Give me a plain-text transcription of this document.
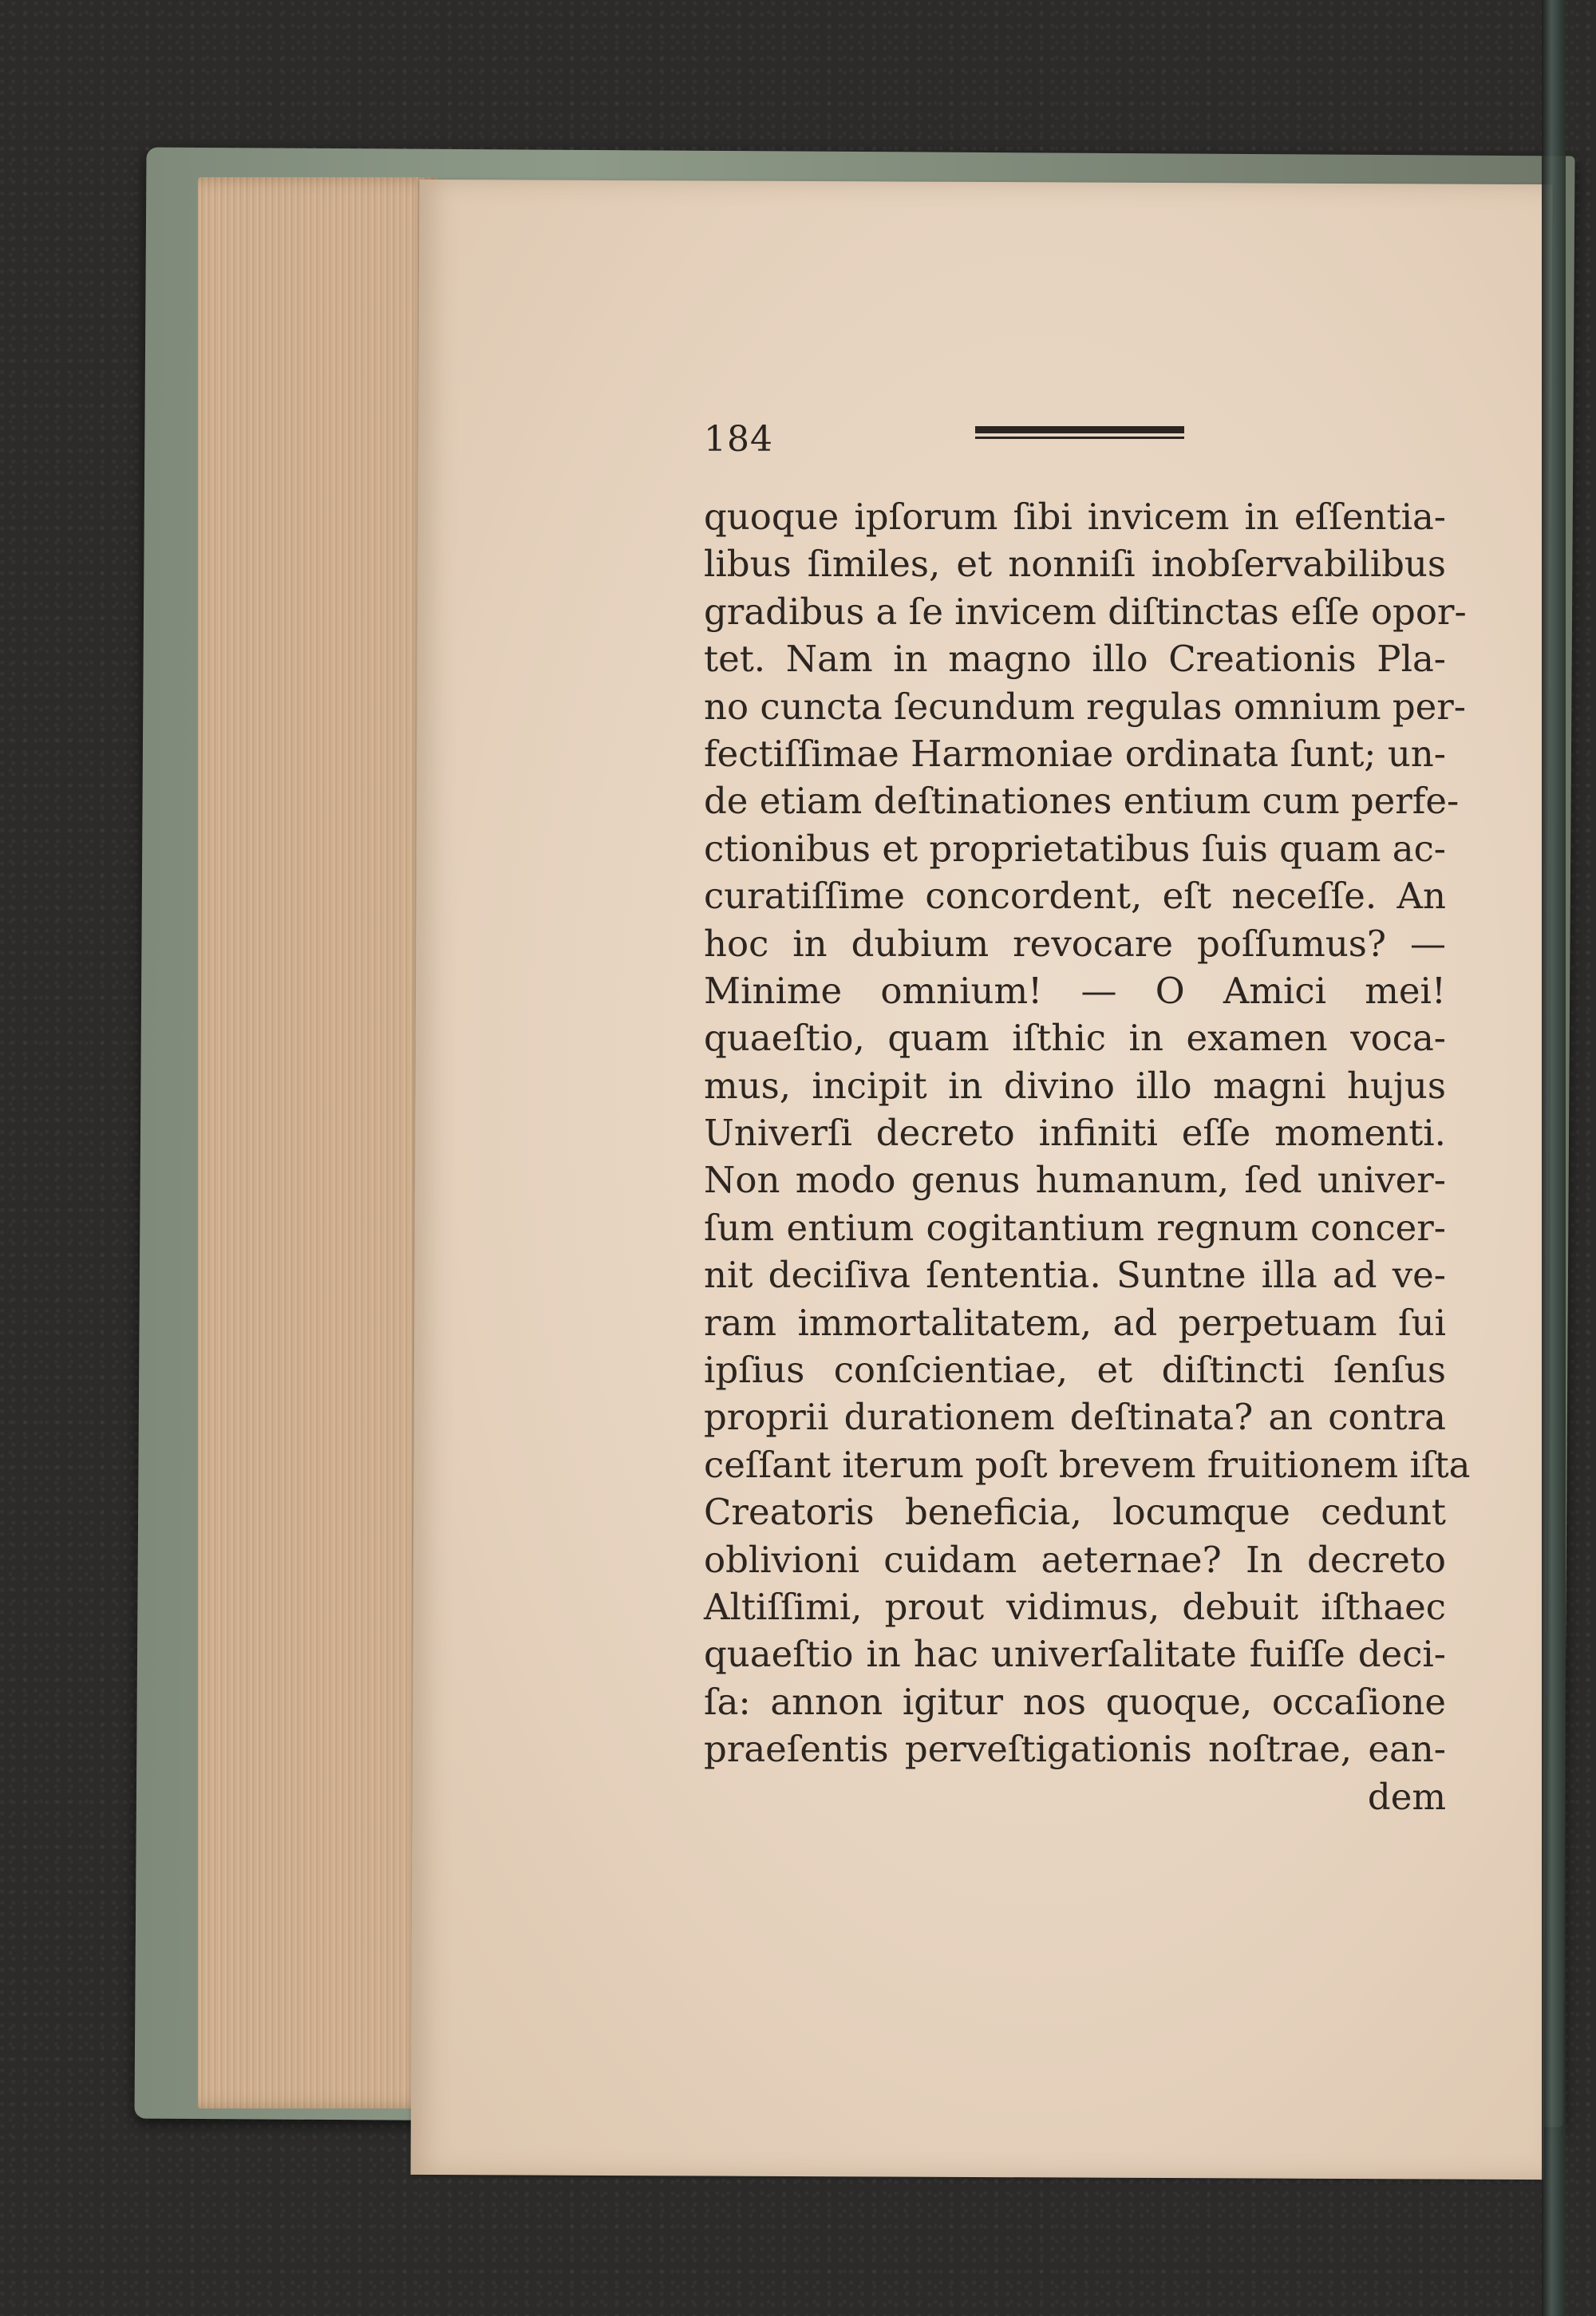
184
quoque ipſorum ſibi invicem in eſſentia-
libus ſimiles, et nonniſi inobſervabilibus
gradibus a ſe invicem diſtinctas eſſe opor-
tet. Nam in magno illo Creationis Pla-
no cuncta ſecundum regulas omnium per-
fectiſſimae Harmoniae ordinata ſunt; un-
de etiam deſtinationes entium cum perfe-
ctionibus et proprietatibus ſuis quam ac-
curatiſſime concordent, eſt neceſſe. An
hoc in dubium revocare poſſumus? —
Minime omnium! — O Amici mei!
quaeſtio, quam iſthic in examen voca-
mus, incipit in divino illo magni hujus
Univerſi decreto infiniti eſſe momenti.
Non modo genus humanum, ſed univer-
ſum entium cogitantium regnum concer-
nit deciſiva ſententia. Suntne illa ad ve-
ram immortalitatem, ad perpetuam ſui
ipſius conſcientiae, et diſtincti ſenſus
proprii durationem deſtinata? an contra
ceſſant iterum poſt brevem fruitionem iſta
Creatoris beneficia, locumque cedunt
oblivioni cuidam aeternae? In decreto
Altiſſimi, prout vidimus, debuit iſthaec
quaeſtio in hac univerſalitate fuiſſe deci-
ſa: annon igitur nos quoque, occaſione
praeſentis perveſtigationis noſtrae, ean-
dem
